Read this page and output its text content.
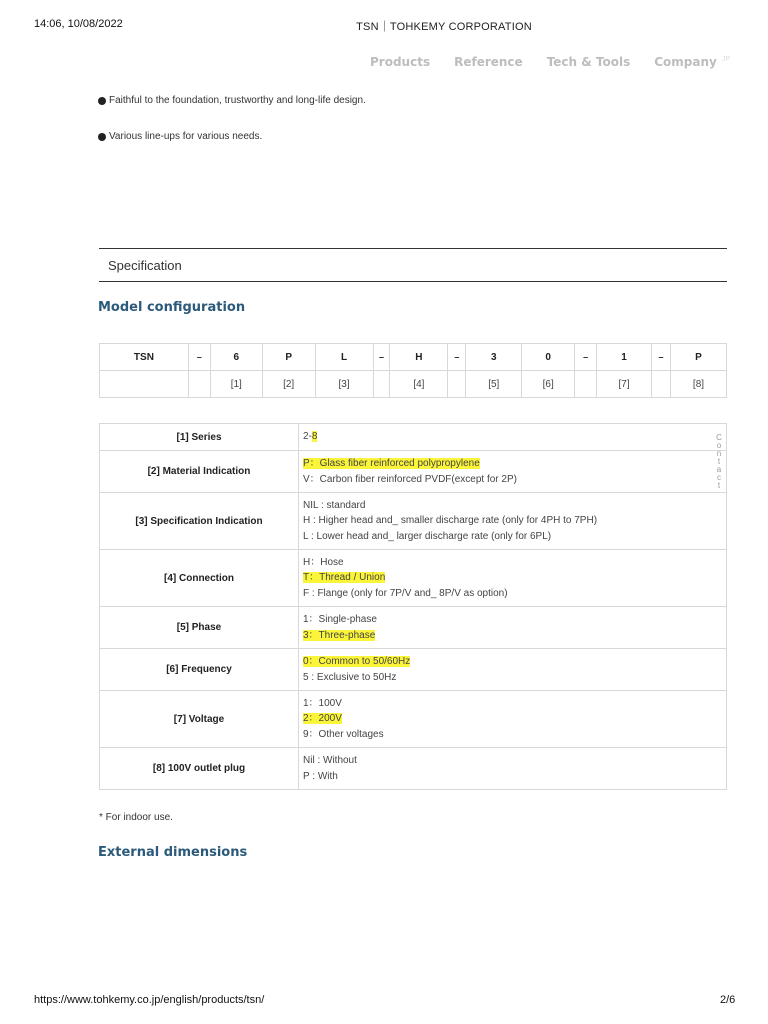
14:06, 10/08/2022	TSN｜TOHKEMY CORPORATION
Products Reference Tech & Tools Company JP
Faithful to the foundation, trustworthy and long-life design.
Various line-ups for various needs.
Specification
Model configuration
TSN	–	6	P	L	–	H	–	3	0	–	1	–	P
		[1]	[2]	[3]		[4]		[5]	[6]		[7]		[8]
[1] Series	2-8

[2] Material Indication	P：Glass fiber reinforced polypropylene
V：Carbon fiber reinforced PVDF(except for 2P)

[3] Specification Indication	NIL : standard
H : Higher head and_ smaller discharge rate (only for 4PH to 7PH)
L : Lower head and_ larger discharge rate (only for 6PL)

[4] Connection	H：Hose
T：Thread / Union
F : Flange (only for 7P/V and_ 8P/V as option)

[5] Phase	1：Single-phase
3：Three-phase

[6] Frequency	0：Common to 50/60Hz
5 : Exclusive to 50Hz

[7] Voltage	1：100V
2：200V
9：Other voltages

[8] 100V outlet plug	Nil : Without
P : With
C
o
n
t
a
c
t
* For indoor use.
External dimensions
https://www.tohkemy.co.jp/english/products/tsn/	2/6
